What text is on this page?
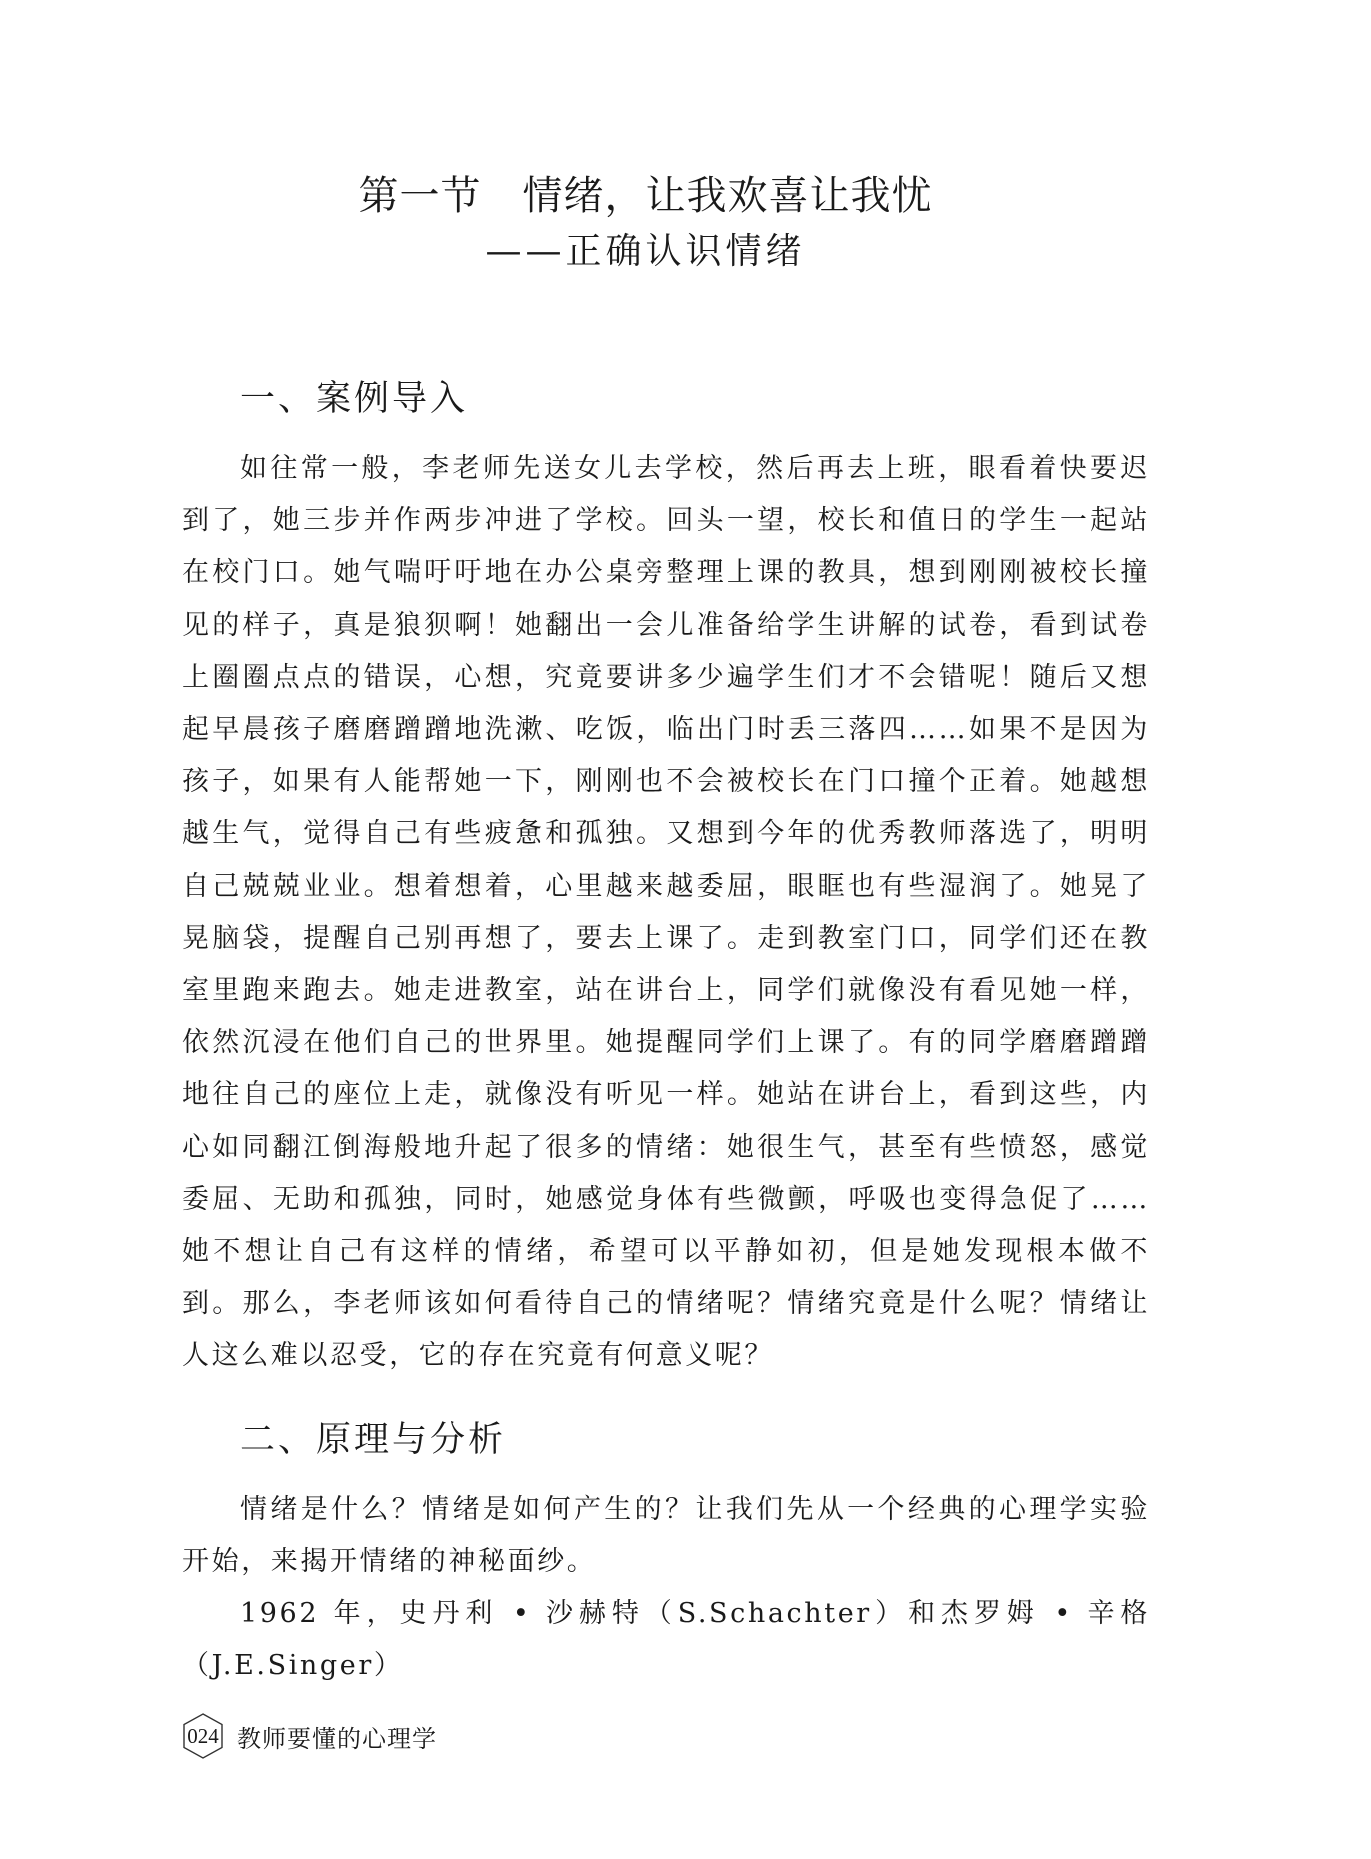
第一节　情绪，让我欢喜让我忧
——正确认识情绪
一、案例导入

如往常一般，李老师先送女儿去学校，然后再去上班，眼看着快要迟到了，她三步并作两步冲进了学校。回头一望，校长和值日的学生一起站在校门口。她气喘吁吁地在办公桌旁整理上课的教具，想到刚刚被校长撞见的样子，真是狼狈啊！她翻出一会儿准备给学生讲解的试卷，看到试卷上圈圈点点的错误，心想，究竟要讲多少遍学生们才不会错呢！随后又想起早晨孩子磨磨蹭蹭地洗漱、吃饭，临出门时丢三落四……如果不是因为孩子，如果有人能帮她一下，刚刚也不会被校长在门口撞个正着。她越想越生气，觉得自己有些疲惫和孤独。又想到今年的优秀教师落选了，明明自己兢兢业业。想着想着，心里越来越委屈，眼眶也有些湿润了。她晃了晃脑袋，提醒自己别再想了，要去上课了。走到教室门口，同学们还在教室里跑来跑去。她走进教室，站在讲台上，同学们就像没有看见她一样，依然沉浸在他们自己的世界里。她提醒同学们上课了。有的同学磨磨蹭蹭地往自己的座位上走，就像没有听见一样。她站在讲台上，看到这些，内心如同翻江倒海般地升起了很多的情绪：她很生气，甚至有些愤怒，感觉委屈、无助和孤独，同时，她感觉身体有些微颤，呼吸也变得急促了……她不想让自己有这样的情绪，希望可以平静如初，但是她发现根本做不到。那么，李老师该如何看待自己的情绪呢？情绪究竟是什么呢？情绪让人这么难以忍受，它的存在究竟有何意义呢？

二、原理与分析

情绪是什么？情绪是如何产生的？让我们先从一个经典的心理学实验开始，来揭开情绪的神秘面纱。

1962 年，史丹利 • 沙赫特（S.Schachter）和杰罗姆 • 辛格（J.E.Singer）

024 教师要懂的心理学
